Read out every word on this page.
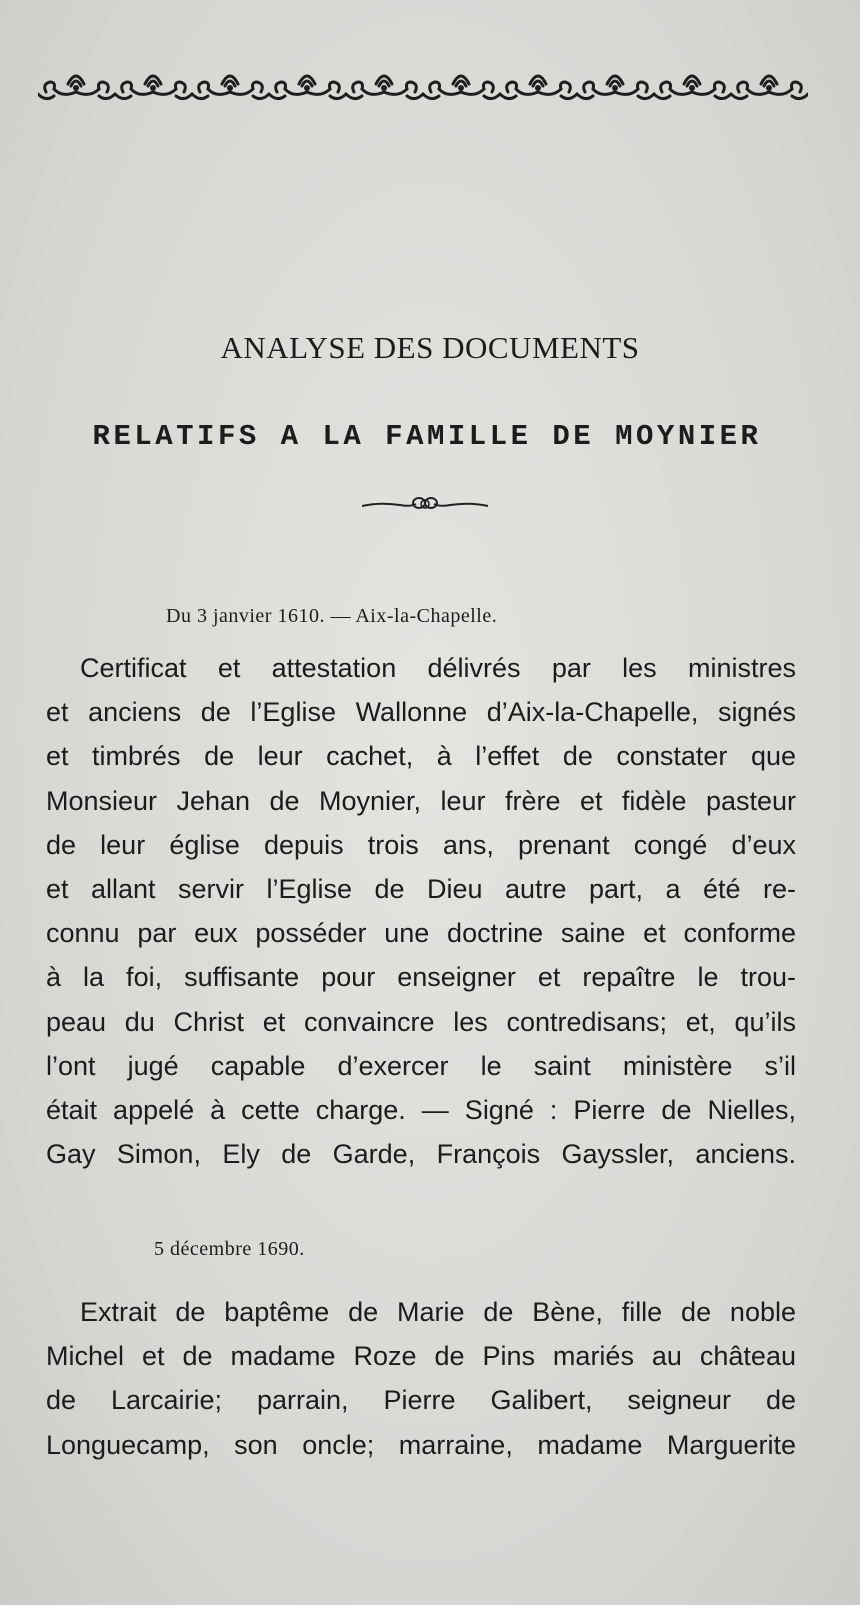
ANALYSE DES DOCUMENTS
RELATIFS A LA FAMILLE DE MOYNIER
Du 3 janvier 1610. — Aix-la-Chapelle.
Certificat et attestation délivrés par les ministres
et anciens de l’Eglise Wallonne d’Aix-la-Chapelle, signés
et timbrés de leur cachet, à l’effet de constater que
Monsieur Jehan de Moynier, leur frère et fidèle pasteur
de leur église depuis trois ans, prenant congé d’eux
et allant servir l’Eglise de Dieu autre part, a été re-
connu par eux posséder une doctrine saine et conforme
à la foi, suffisante pour enseigner et repaître le trou-
peau du Christ et convaincre les contredisans; et, qu’ils
l’ont jugé capable d’exercer le saint ministère s’il
était appelé à cette charge. — Signé : Pierre de Nielles,
Gay Simon, Ely de Garde, François Gayssler, anciens.
5 décembre 1690.
Extrait de baptême de Marie de Bène, fille de noble
Michel et de madame Roze de Pins mariés au château
de Larcairie; parrain, Pierre Galibert, seigneur de
Longuecamp, son oncle; marraine, madame Marguerite
